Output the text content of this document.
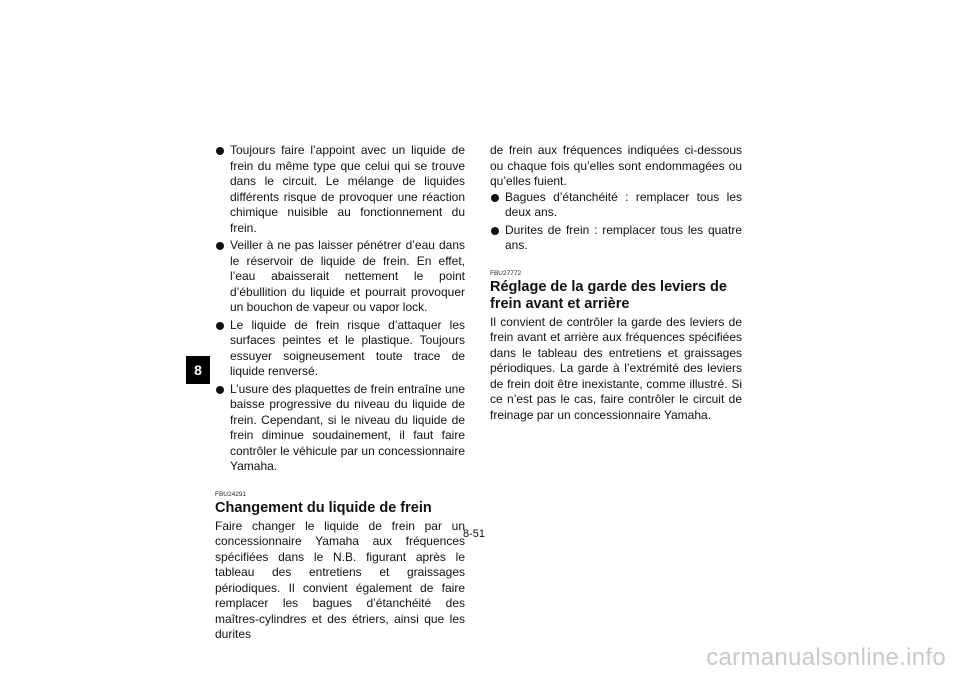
8
Toujours faire l’appoint avec un liquide de frein du même type que celui qui se trouve dans le circuit. Le mélange de liquides différents risque de provoquer une réaction chimique nuisible au fonctionnement du frein.
Veiller à ne pas laisser pénétrer d’eau dans le réservoir de liquide de frein. En effet, l’eau abaisserait nettement le point d’ébullition du liquide et pourrait provoquer un bouchon de vapeur ou vapor lock.
Le liquide de frein risque d’attaquer les surfaces peintes et le plastique. Toujours essuyer soigneusement toute trace de liquide renversé.
L’usure des plaquettes de frein entraîne une baisse progressive du niveau du liquide de frein. Cependant, si le niveau du liquide de frein diminue soudainement, il faut faire contrôler le véhicule par un concessionnaire Yamaha.
FBU24291
Changement du liquide de frein

Faire changer le liquide de frein par un concessionnaire Yamaha aux fréquences spécifiées dans le N.B. figurant après le tableau des entretiens et graissages périodiques. Il convient également de faire remplacer les bagues d’étanchéité des maîtres-cylindres et des étriers, ainsi que les durites

de frein aux fréquences indiquées ci-dessous ou chaque fois qu’elles sont endommagées ou qu’elles fuient.

Bagues d’étanchéité : remplacer tous les deux ans.
Durites de frein : remplacer tous les quatre ans.
FBU27772
Réglage de la garde des leviers de frein avant et arrière

Il convient de contrôler la garde des leviers de frein avant et arrière aux fréquences spécifiées dans le tableau des entretiens et graissages périodiques. La garde à l’extrémité des leviers de frein doit être inexistante, comme illustré. Si ce n’est pas le cas, faire contrôler le circuit de freinage par un concessionnaire Yamaha.

8-51
carmanualsonline.info
